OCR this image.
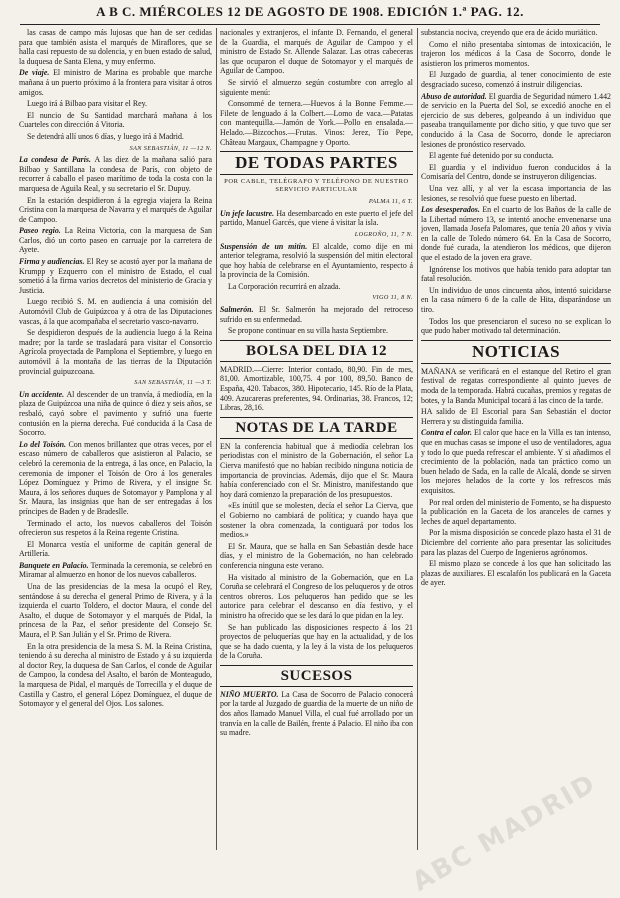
A B C. MIÉRCOLES 12 DE AGOSTO DE 1908. EDICIÓN 1.ª PAG. 12.

las casas de campo más lujosas que han de ser cedidas para que también asista el marqués de Miraflores, que se halla casi repuesto de su dolencia, y en buen estado de salud, la duquesa de Santa Elena, y muy enfermo.

De viaje. El ministro de Marina es probable que marche mañana á un puerto próximo á la frontera para visitar á otros amigos.

Luego irá á Bilbao para visitar el Rey.

El nuncio de Su Santidad marchará mañana á los Cuarteles con dirección á Vitoria.

Se detendrá allí unos 6 días, y luego irá á Madrid.

SAN SEBASTIÁN, 11 —12 N.

La condesa de París. A las diez de la mañana salió para Bilbao y Santillana la condesa de París, con objeto de recorrer á caballo el paseo marítimo de toda la costa con la marquesa de Aguila Real, y su secretario el Sr. Dupuy.

En la estación despidieron á la egregia viajera la Reina Cristina con la marquesa de Navarra y el marqués de Aguilar de Campoo.

Paseo regio. La Reina Victoria, con la marquesa de San Carlos, dió un corto paseo en carruaje por la carretera de Ayete.

Firma y audiencias. El Rey se acostó ayer por la mañana de Krumpp y Ezquerro con el ministro de Estado, el cual sometió á la firma varios decretos del ministerio de Gracia y Justicia.

Luego recibió S. M. en audiencia á una comisión del Automóvil Club de Guipúzcoa y á otra de las Diputaciones vascas, á la que acompañaba el secretario vasco-navarro.

Se despidieron después de la audiencia luego á la Reina madre; por la tarde se trasladará para visitar el Consorcio Agrícola proyectada de Pamplona el Septiembre, y luego en automóvil á la montaña de las tierras de la Diputación provincial guipuzcoana.

SAN SEBASTIÁN, 11 —3 T.

Un accidente. Al descender de un tranvía, á mediodía, en la plaza de Guipúzcoa una niña de quince ó diez y seis años, se resbaló, cayó sobre el pavimento y sufrió una fuerte contusión en la pierna derecha. Fué conducida á la Casa de Socorro.

Lo del Toisón. Con menos brillantez que otras veces, por el escaso número de caballeros que asistieron al Palacio, se celebró la ceremonia de la entrega, á las once, en Palacio, la ceremonia de imponer el Toisón de Oro á los generales López Domínguez y Primo de Rivera, y el insigne Sr. Maura, á los señores duques de Sotomayor y Pamplona y al Sr. Maura, las insignias que han de ser entregadas á los príncipes de Baden y de Bradeslle.

Terminado el acto, los nuevos caballeros del Toisón ofrecieron sus respetos á la Reina regente Cristina.

El Monarca vestía el uniforme de capitán general de Artillería.

Banquete en Palacio. Terminada la ceremonia, se celebró en Miramar al almuerzo en honor de los nuevos caballeros.

Una de las presidencias de la mesa la ocupó el Rey, sentándose á su derecha el general Primo de Rivera, y á la izquierda el cuarto Toldero, el doctor Maura, el conde del Asalto, el duque de Sotomayor y el marqués de Pidal, la princesa de la Paz, el señor presidente del Consejo Sr. Maura, el P. San Julián y el Sr. Primo de Rivera.

En la otra presidencia de la mesa S. M. la Reina Cristina, teniendo á su derecha al ministro de Estado y á su izquierda al doctor Rey, la duquesa de San Carlos, el conde de Aguilar de Campoo, la condesa del Asalto, el barón de Monteagudo, la marquesa de Pidal, el marqués de Torrecilla y el duque de Castilla y Castro, el general López Domínguez, el duque de Sotomayor y el general del Ojos. Los salones.

nacionales y extranjeros, el infante D. Fernando, el general de la Guardia, el marqués de Aguilar de Campoo y el ministro de Estado Sr. Allende Salazar. Las otras cabeceras las que ocuparon el duque de Sotomayor y el marqués de Aguilar de Campoo.

Se sirvió el almuerzo según costumbre con arreglo al siguiente menú:

Consommé de ternera.—Huevos á la Bonne Femme.—Filete de lenguado á la Colbert.—Lomo de vaca.—Patatas con mantequilla.—Jamón de York.—Pollo en ensalada.—Helado.—Bizcochos.—Frutas. Vinos: Jerez, Tío Pepe, Château Margaux, Champagne y Oporto.

DE TODAS PARTES
POR CABLE, TELÉGRAFO Y TELÉFONO DE NUESTRO SERVICIO PARTICULAR
PALMA 11, 6 T.

Un jefe lacustre. Ha desembarcado en este puerto el jefe del partido, Manuel Garcés, que viene á visitar la isla.

LOGROÑO, 11, 7 N.

Suspensión de un mitin. El alcalde, como dije en mi anterior telegrama, resolvió la suspensión del mitin electoral que hoy había de celebrarse en el Ayuntamiento, respecto á la provincia de la Comisión.

La Corporación recurrirá en alzada.

VIGO 11, 8 N.

Salmerón. El Sr. Salmerón ha mejorado del retroceso sufrido en su enfermedad.

Se propone continuar en su villa hasta Septiembre.

BOLSA DEL DIA 12

MADRID.—Cierre: Interior contado, 80,90. Fin de mes, 81,00. Amortizable, 100,75. 4 por 100, 89,50. Banco de España, 420. Tabacos, 380. Hipotecario, 145. Río de la Plata, 409. Azucareras preferentes, 94. Ordinarias, 38. Francos, 12; Libras, 28,16.

NOTAS DE LA TARDE

EN la conferencia habitual que á mediodía celebran los periodistas con el ministro de la Gobernación, el señor La Cierva manifestó que no habían recibido ninguna noticia de importancia de provincias. Además, dijo que el Sr. Maura había conferenciado con el Sr. Ministro, manifestando que hoy dará comienzo la preparación de los presupuestos.

«Es inútil que se molesten, decía el señor La Cierva, que el Gobierno no cambiará de política; y cuando haya que sostener la obra comenzada, la contiguará por todos los medios.»

El Sr. Maura, que se halla en San Sebastián desde hace días, y el ministro de la Gobernación, no han celebrado conferencia ninguna este verano.

Ha visitado al ministro de la Gobernación, que en La Coruña se celebrará el Congreso de los peluqueros y de otros centros obreros. Los peluqueros han pedido que se les autorice para celebrar el descanso en día festivo, y el ministro ha ofrecido que se les dará lo que pidan en la ley.

Se han publicado las disposiciones respecto á los 21 proyectos de peluquerías que hay en la actualidad, y de los que se ha dado cuenta, y la ley á la vista de los peluqueros de la Coruña.

SUCESOS

NIÑO MUERTO. La Casa de Socorro de Palacio conocerá por la tarde al Juzgado de guardia de la muerte de un niño de dos años llamado Manuel Villa, el cual fué arrollado por un tranvía en la calle de Bailén, frente á Palacio. El niño iba con su madre.

substancia nociva, creyendo que era de ácido muriático.

Como el niño presentaba síntomas de intoxicación, le trajeron los médicos á la Casa de Socorro, donde le asistieron los primeros momentos.

El Juzgado de guardia, al tener conocimiento de este desgraciado suceso, comenzó á instruir diligencias.

Abuso de autoridad. El guardia de Seguridad número 1.442 de servicio en la Puerta del Sol, se excedió anoche en el ejercicio de sus deberes, golpeando á un individuo que paseaba tranquilamente por dicho sitio, y que tuvo que ser conducido á la Casa de Socorro, donde le apreciaron lesiones de pronóstico reservado.

El agente fué detenido por su conducta.

El guardia y el individuo fueron conducidos á la Comisaría del Centro, donde se instruyeron diligencias.

Una vez allí, y al ver la escasa importancia de las lesiones, se resolvió que fuese puesto en libertad.

Los desesperados. En el cuarto de los Baños de la calle de la Libertad número 13, se intentó anoche envenenarse una joven, llamada Josefa Palomares, que tenía 20 años y vivía en la calle de Toledo número 64. En la Casa de Socorro, donde fué curada, la atendieron los médicos, que dijeron que el estado de la joven era grave.

Ignórense los motivos que había tenido para adoptar tan fatal resolución.

Un individuo de unos cincuenta años, intentó suicidarse en la casa número 6 de la calle de Hita, disparándose un tiro.

Todos los que presenciaron el suceso no se explican lo que pudo haber motivado tal determinación.

NOTICIAS

MAÑANA se verificará en el estanque del Retiro el gran festival de regatas correspondiente al quinto jueves de moda de la temporada. Habrá cucañas, premios y regatas de botes, y la Banda Municipal tocará á las cinco de la tarde.

HA salido de El Escorial para San Sebastián el doctor Herrera y su distinguida familia.

Contra el calor. El calor que hace en la Villa es tan intenso, que en muchas casas se impone el uso de ventiladores, agua y todo lo que pueda refrescar el ambiente. Y si añadimos el crecimiento de la población, nada tan práctico como un buen helado de Sada, en la calle de Alcalá, donde se sirven los mejores helados de la corte y los refrescos más exquisitos.

Por real orden del ministerio de Fomento, se ha dispuesto la publicación en la Gaceta de los aranceles de carnes y leches de aquel departamento.

Por la misma disposición se concede plazo hasta el 31 de Diciembre del corriente año para presentar las solicitudes para las plazas del Cuerpo de Ingenieros agrónomos.

El mismo plazo se concede á los que han solicitado las plazas de auxiliares. El escalafón los publicará en la Gaceta de ayer.

ABC MADRID
